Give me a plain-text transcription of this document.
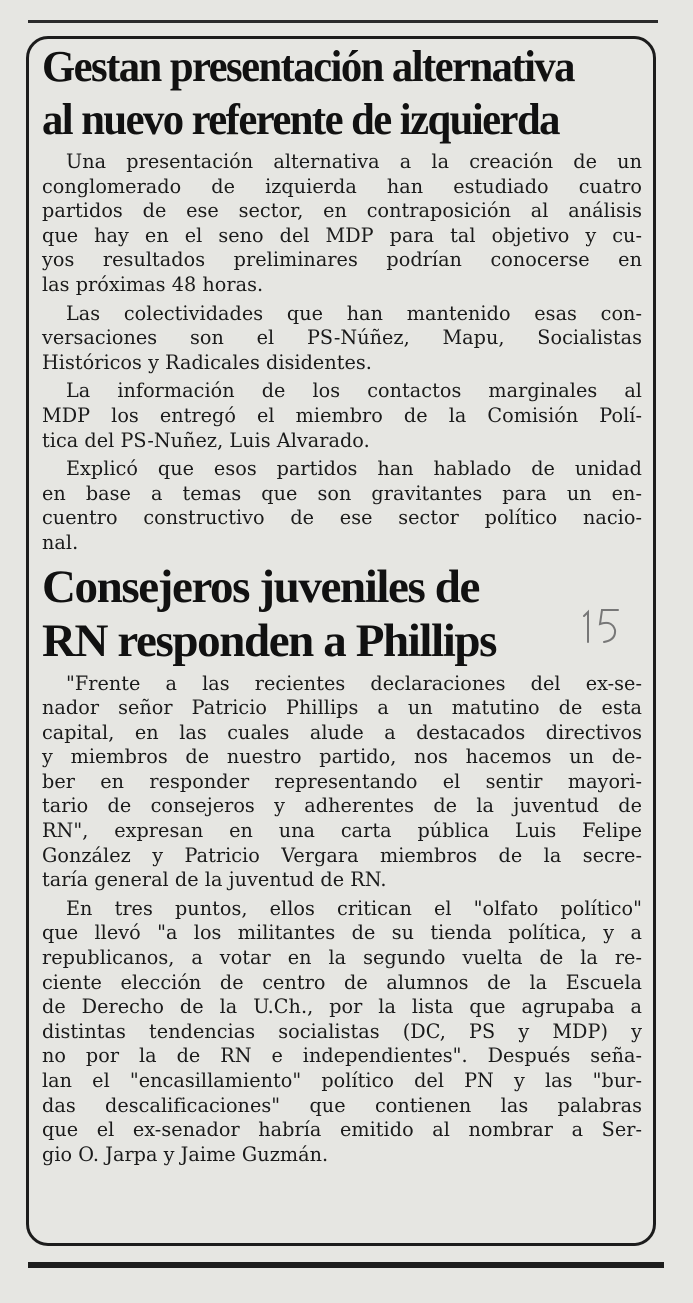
Gestan presentación alternativa
al nuevo referente de izquierda
Una presentación alternativa a la creación de un
conglomerado de izquierda han estudiado cuatro
partidos de ese sector, en contraposición al análisis
que hay en el seno del MDP para tal objetivo y cu-
yos resultados preliminares podrían conocerse en
las próximas 48 horas.
Las colectividades que han mantenido esas con-
versaciones son el PS-Núñez, Mapu, Socialistas
Históricos y Radicales disidentes.
La información de los contactos marginales al
MDP los entregó el miembro de la Comisión Polí-
tica del PS-Nuñez, Luis Alvarado.
Explicó que esos partidos han hablado de unidad
en base a temas que son gravitantes para un en-
cuentro constructivo de ese sector político nacio-
nal.
Consejeros juveniles de
RN responden a Phillips
"Frente a las recientes declaraciones del ex-se-
nador señor Patricio Phillips a un matutino de esta
capital, en las cuales alude a destacados directivos
y miembros de nuestro partido, nos hacemos un de-
ber en responder representando el sentir mayori-
tario de consejeros y adherentes de la juventud de
RN", expresan en una carta pública Luis Felipe
González y Patricio Vergara miembros de la secre-
taría general de la juventud de RN.
En tres puntos, ellos critican el "olfato político"
que llevó "a los militantes de su tienda política, y a
republicanos, a votar en la segundo vuelta de la re-
ciente elección de centro de alumnos de la Escuela
de Derecho de la U.Ch., por la lista que agrupaba a
distintas tendencias socialistas (DC, PS y MDP) y
no por la de RN e independientes". Después seña-
lan el "encasillamiento" político del PN y las "bur-
das descalificaciones" que contienen las palabras
que el ex-senador habría emitido al nombrar a Ser-
gio O. Jarpa y Jaime Guzmán.
